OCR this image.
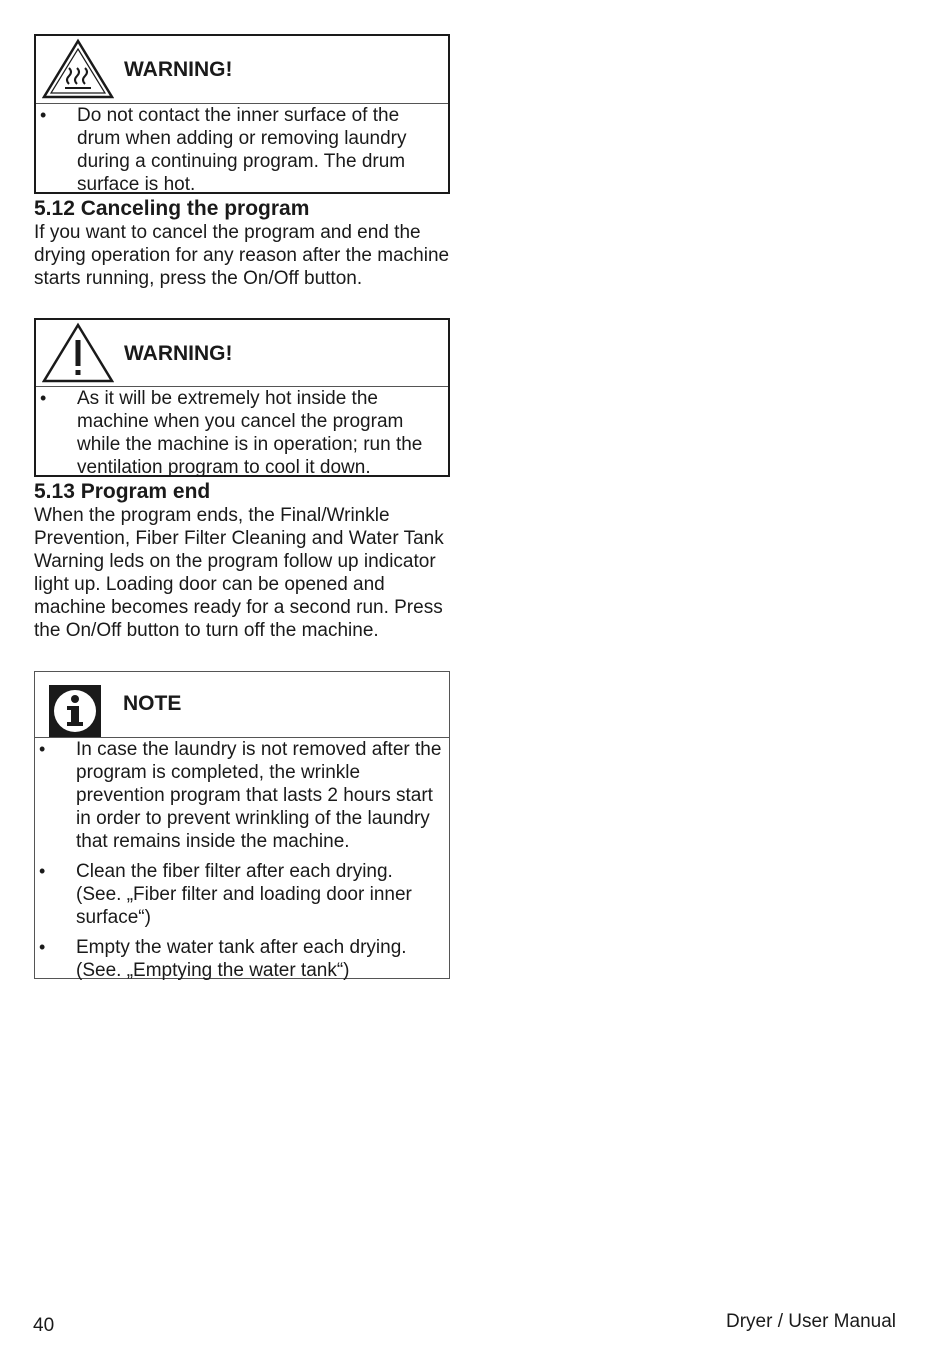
WARNING!
• Do not contact the inner surface of the drum when adding or removing laundry during a continuing program. The drum surface is hot.
5.12 Canceling the program
If you want to cancel the program and end the drying operation for any reason after the machine starts running, press the On/Off button.
WARNING!
• As it will be extremely hot inside the machine when you cancel the program while the machine is in operation; run the ventilation program to cool it down.
5.13 Program end
When the program ends, the Final/Wrinkle Prevention, Fiber Filter Cleaning and Water Tank Warning leds on the program follow up indicator light up. Loading door can be opened and machine becomes ready for a second run. Press the On/Off button to turn off the machine.
NOTE
• In case the laundry is not removed after the program is completed, the wrinkle prevention program that lasts 2 hours start in order to prevent wrinkling of the laundry that remains inside the machine.
• Clean the fiber filter after each drying. (See. „Fiber filter and loading door inner surface“)
• Empty the water tank after each drying. (See. „Emptying the water tank“)
40	Dryer / User Manual
